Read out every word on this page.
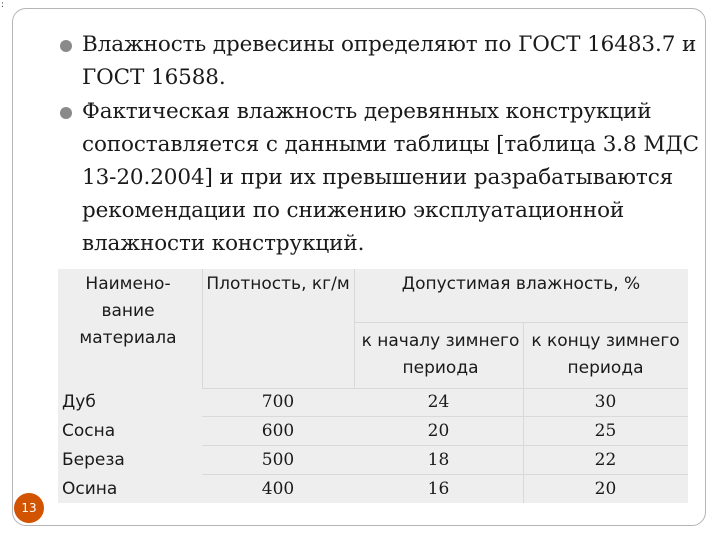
:
Влажность древесины определяют по ГОСТ 16483.7 и ГОСТ 16588.
Фактическая влажность деревянных конструкций сопоставляется с данными таблицы [таблица 3.8 МДС 13-20.2004] и при их превышении разрабатываются рекомендации по снижению эксплуатационной влажности конструкций.
Наимено-вание материала
Плотность, кг/м	Допустимая влажность, %
к началу зимнего периода
к концу зимнего периода
Дуб
Сосна
Береза
Осина
700
600
500
400
24
20
18
16
30
25
22
20
13
